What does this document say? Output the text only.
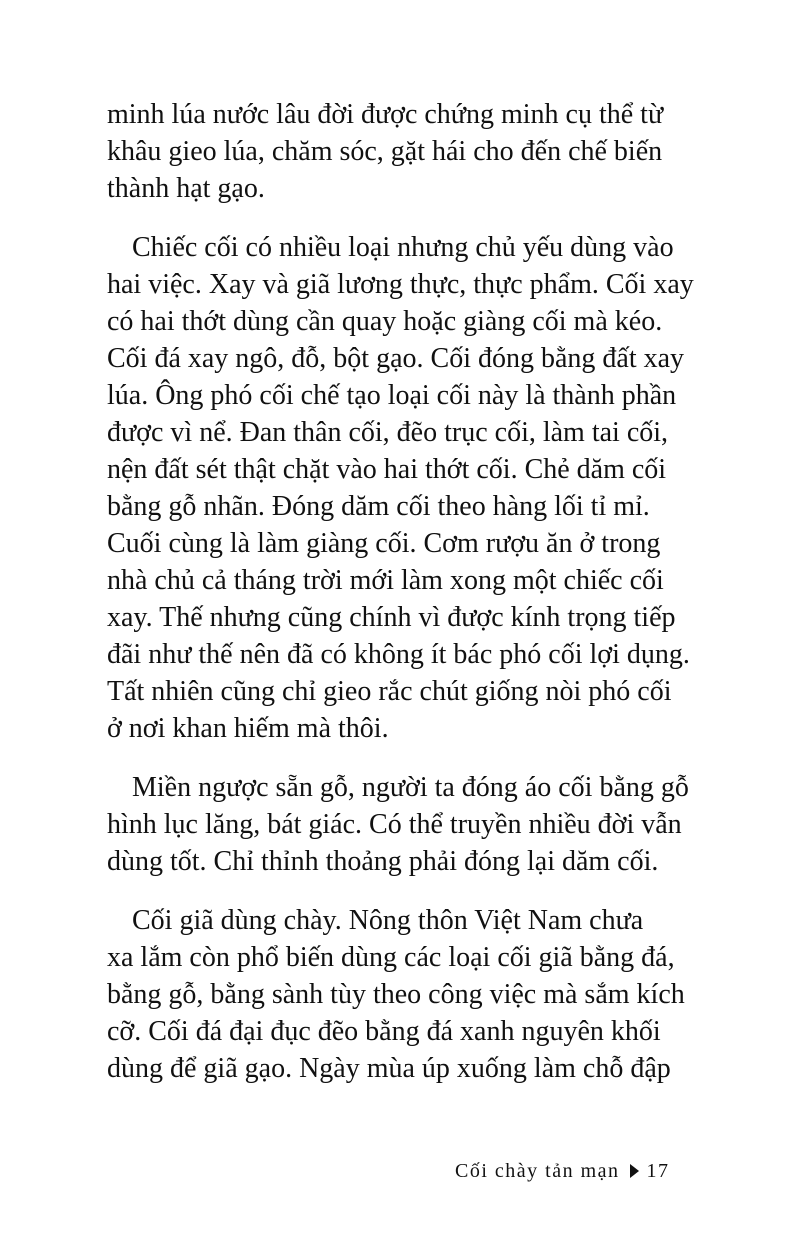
minh lúa nước lâu đời được chứng minh cụ thể từ
khâu gieo lúa, chăm sóc, gặt hái cho đến chế biến
thành hạt gạo.

Chiếc cối có nhiều loại nhưng chủ yếu dùng vào
hai việc. Xay và giã lương thực, thực phẩm. Cối xay
có hai thớt dùng cần quay hoặc giàng cối mà kéo.
Cối đá xay ngô, đỗ, bột gạo. Cối đóng bằng đất xay
lúa. Ông phó cối chế tạo loại cối này là thành phần
được vì nể. Đan thân cối, đẽo trục cối, làm tai cối,
nện đất sét thật chặt vào hai thớt cối. Chẻ dăm cối
bằng gỗ nhãn. Đóng dăm cối theo hàng lối tỉ mỉ.
Cuối cùng là làm giàng cối. Cơm rượu ăn ở trong
nhà chủ cả tháng trời mới làm xong một chiếc cối
xay. Thế nhưng cũng chính vì được kính trọng tiếp
đãi như thế nên đã có không ít bác phó cối lợi dụng.
Tất nhiên cũng chỉ gieo rắc chút giống nòi phó cối
ở nơi khan hiếm mà thôi.

Miền ngược sẵn gỗ, người ta đóng áo cối bằng gỗ
hình lục lăng, bát giác. Có thể truyền nhiều đời vẫn
dùng tốt. Chỉ thỉnh thoảng phải đóng lại dăm cối.

Cối giã dùng chày. Nông thôn Việt Nam chưa
xa lắm còn phổ biến dùng các loại cối giã bằng đá,
bằng gỗ, bằng sành tùy theo công việc mà sắm kích
cỡ. Cối đá đại đục đẽo bằng đá xanh nguyên khối
dùng để giã gạo. Ngày mùa úp xuống làm chỗ đập

Cối chày tản mạn 17
